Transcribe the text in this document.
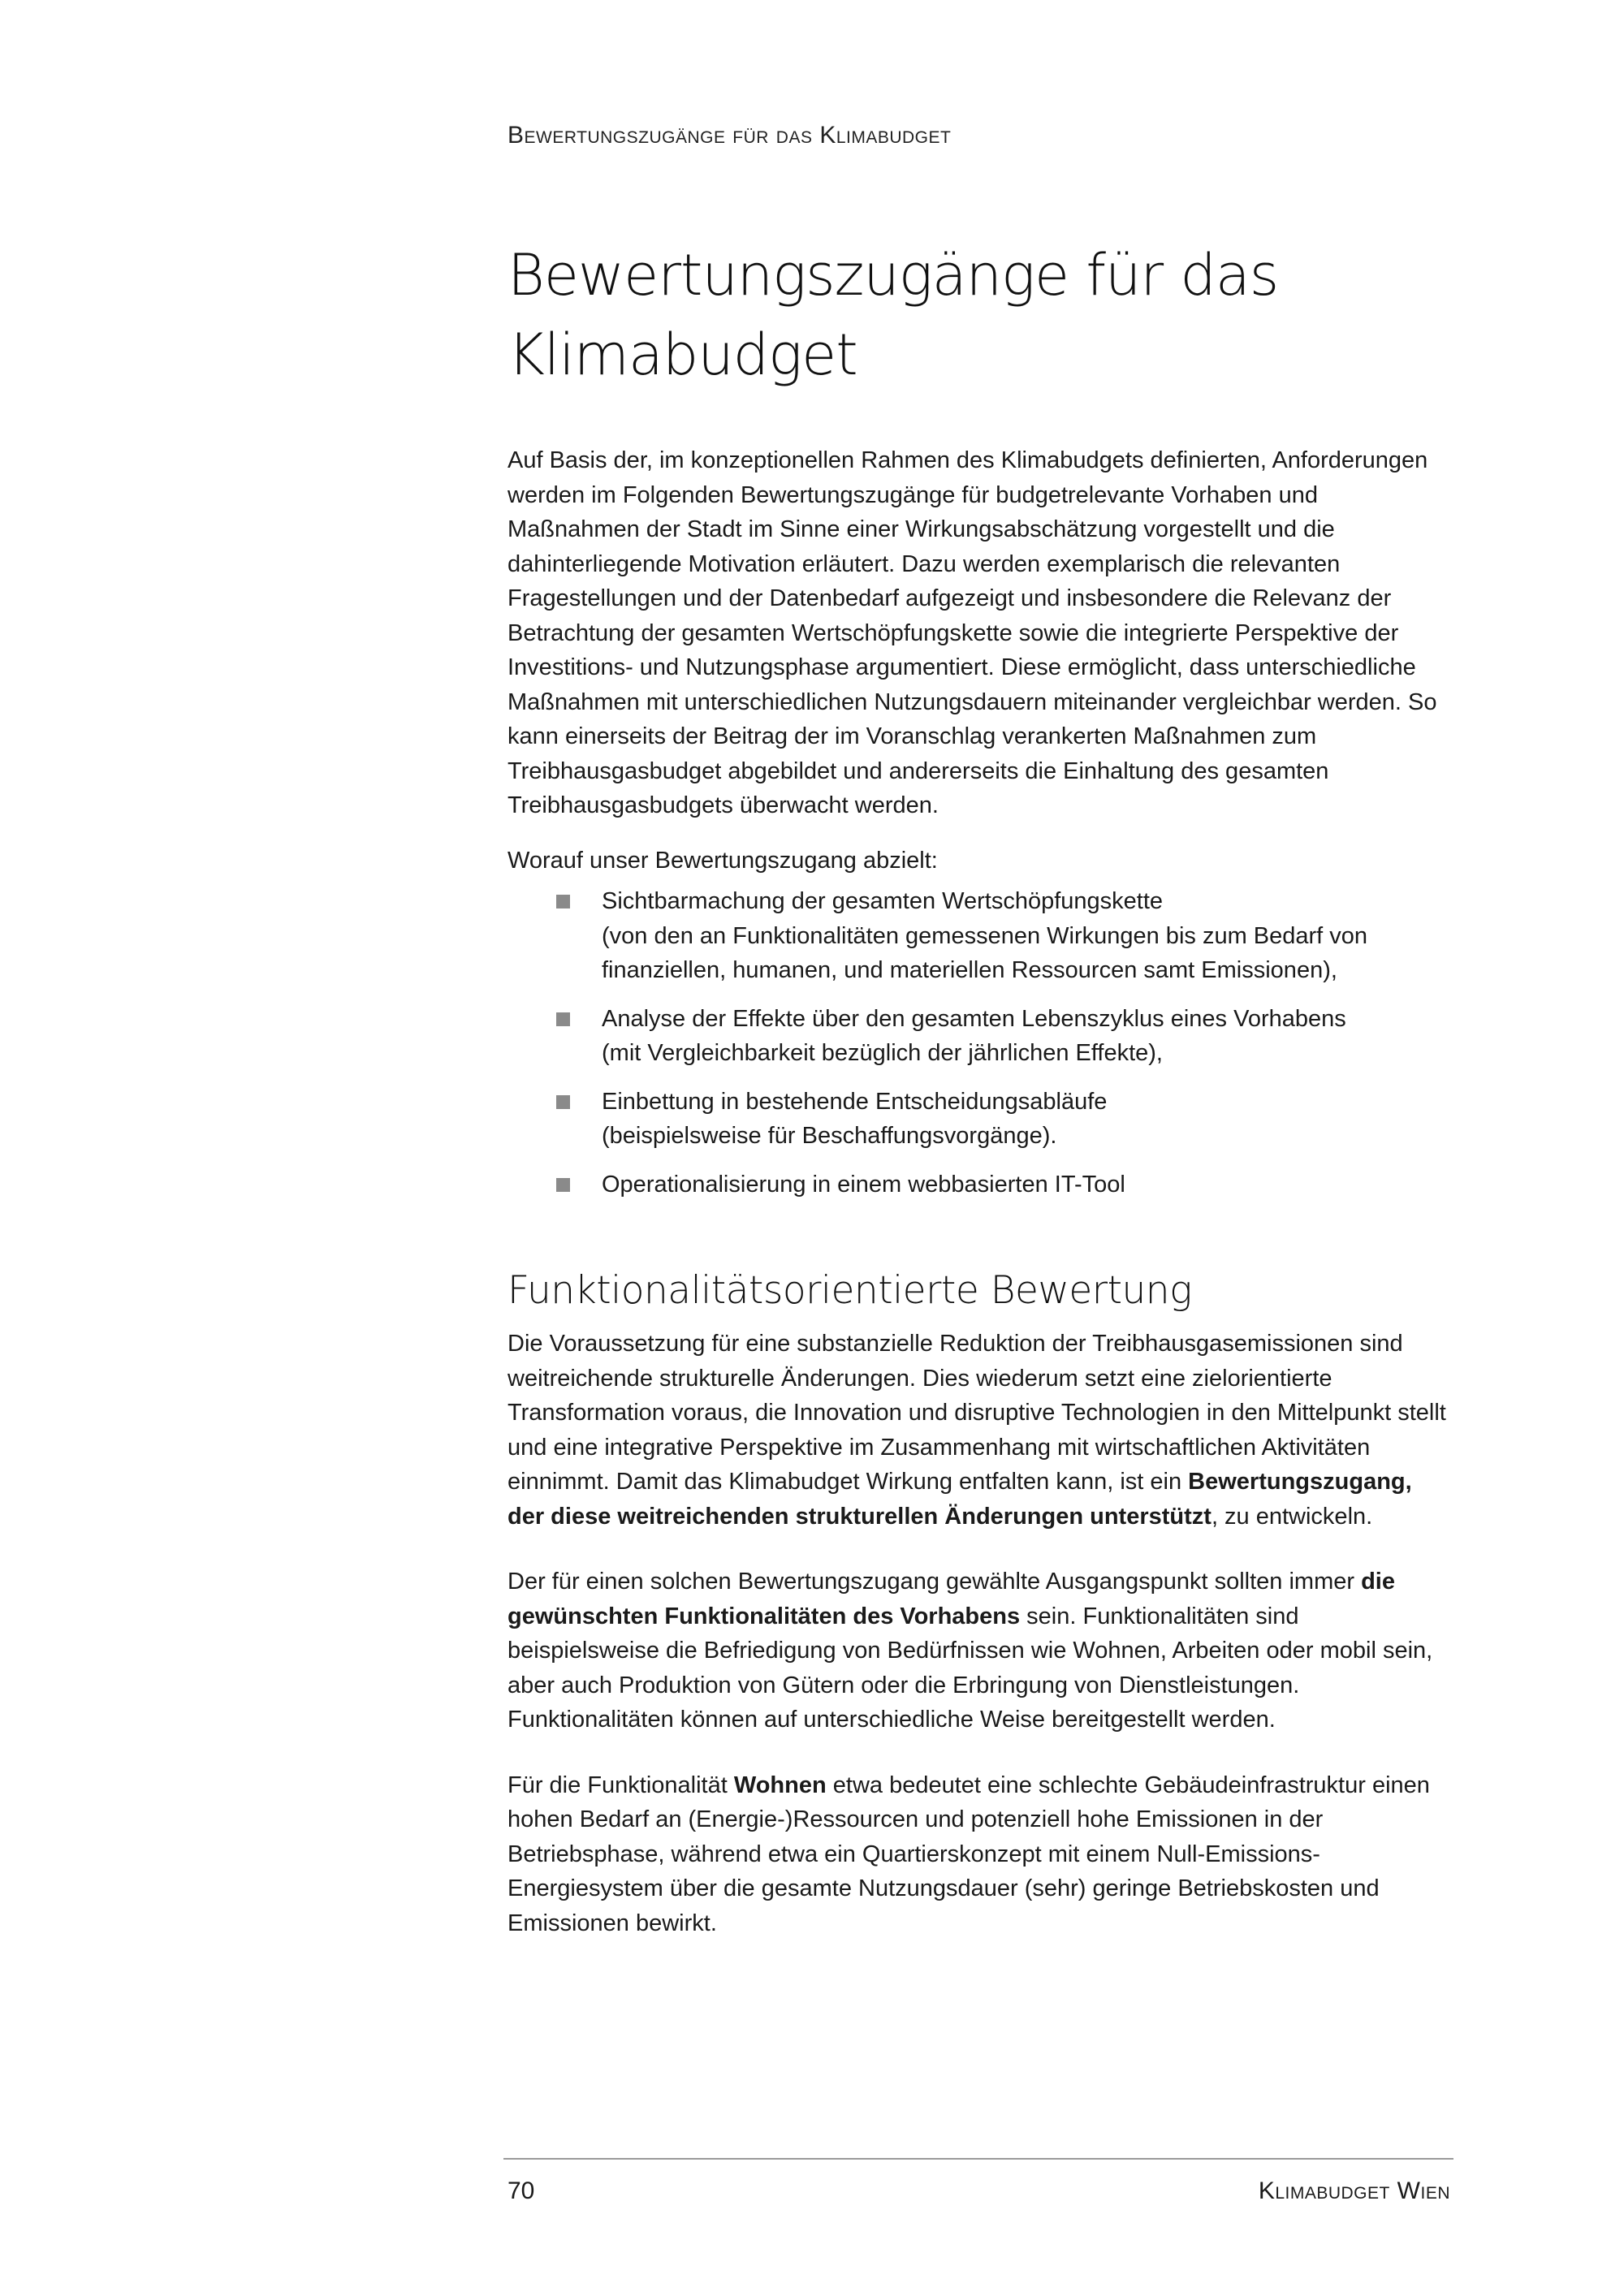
Bewertungszugänge für das Klimabudget
Bewertungszugänge für das Klimabudget

Auf Basis der, im konzeptionellen Rahmen des Klimabudgets definierten, Anforderungen werden im Folgenden Bewertungszugänge für budgetrelevante Vorhaben und Maßnahmen der Stadt im Sinne einer Wirkungsabschätzung vorgestellt und die dahinterliegende Motivation erläutert. Dazu werden exemplarisch die relevanten Fragestellungen und der Datenbedarf aufgezeigt und insbesondere die Relevanz der Betrachtung der gesamten Wertschöpfungskette sowie die integrierte Perspektive der Investitions- und Nutzungsphase argumentiert. Diese ermöglicht, dass unterschiedliche Maßnahmen mit unterschiedlichen Nutzungsdauern miteinander vergleichbar werden. So kann einerseits der Beitrag der im Voranschlag verankerten Maßnahmen zum Treibhausgasbudget abgebildet und andererseits die Einhaltung des gesamten Treibhausgasbudgets überwacht werden.

Worauf unser Bewertungszugang abzielt:

Sichtbarmachung der gesamten Wertschöpfungskette
(von den an Funktionalitäten gemessenen Wirkungen bis zum Bedarf von finanziellen, humanen, und materiellen Ressourcen samt Emissionen),
Analyse der Effekte über den gesamten Lebenszyklus eines Vorhabens
(mit Vergleichbarkeit bezüglich der jährlichen Effekte),
Einbettung in bestehende Entscheidungsabläufe
(beispielsweise für Beschaffungsvorgänge).
Operationalisierung in einem webbasierten IT-Tool
Funktionalitätsorientierte Bewertung

Die Voraussetzung für eine substanzielle Reduktion der Treibhausgasemissionen sind weitreichende strukturelle Änderungen. Dies wiederum setzt eine zielorientierte Transformation voraus, die Innovation und disruptive Technologien in den Mittelpunkt stellt und eine integrative Perspektive im Zusammenhang mit wirtschaftlichen Aktivitäten einnimmt. Damit das Klimabudget Wirkung entfalten kann, ist ein Bewertungszugang, der diese weitreichenden strukturellen Änderungen unterstützt, zu entwickeln.

Der für einen solchen Bewertungszugang gewählte Ausgangspunkt sollten immer die gewünschten Funktionalitäten des Vorhabens sein. Funktionalitäten sind beispielsweise die Befriedigung von Bedürfnissen wie Wohnen, Arbeiten oder mobil sein, aber auch Produktion von Gütern oder die Erbringung von Dienstleistungen. Funktionalitäten können auf unterschiedliche Weise bereitgestellt werden.

Für die Funktionalität Wohnen etwa bedeutet eine schlechte Gebäudeinfrastruktur einen hohen Bedarf an (Energie-)Ressourcen und potenziell hohe Emissionen in der Betriebsphase, während etwa ein Quartierskonzept mit einem Null-Emissions-Energiesystem über die gesamte Nutzungsdauer (sehr) geringe Betriebskosten und Emissionen bewirkt.

70	Klimabudget Wien
